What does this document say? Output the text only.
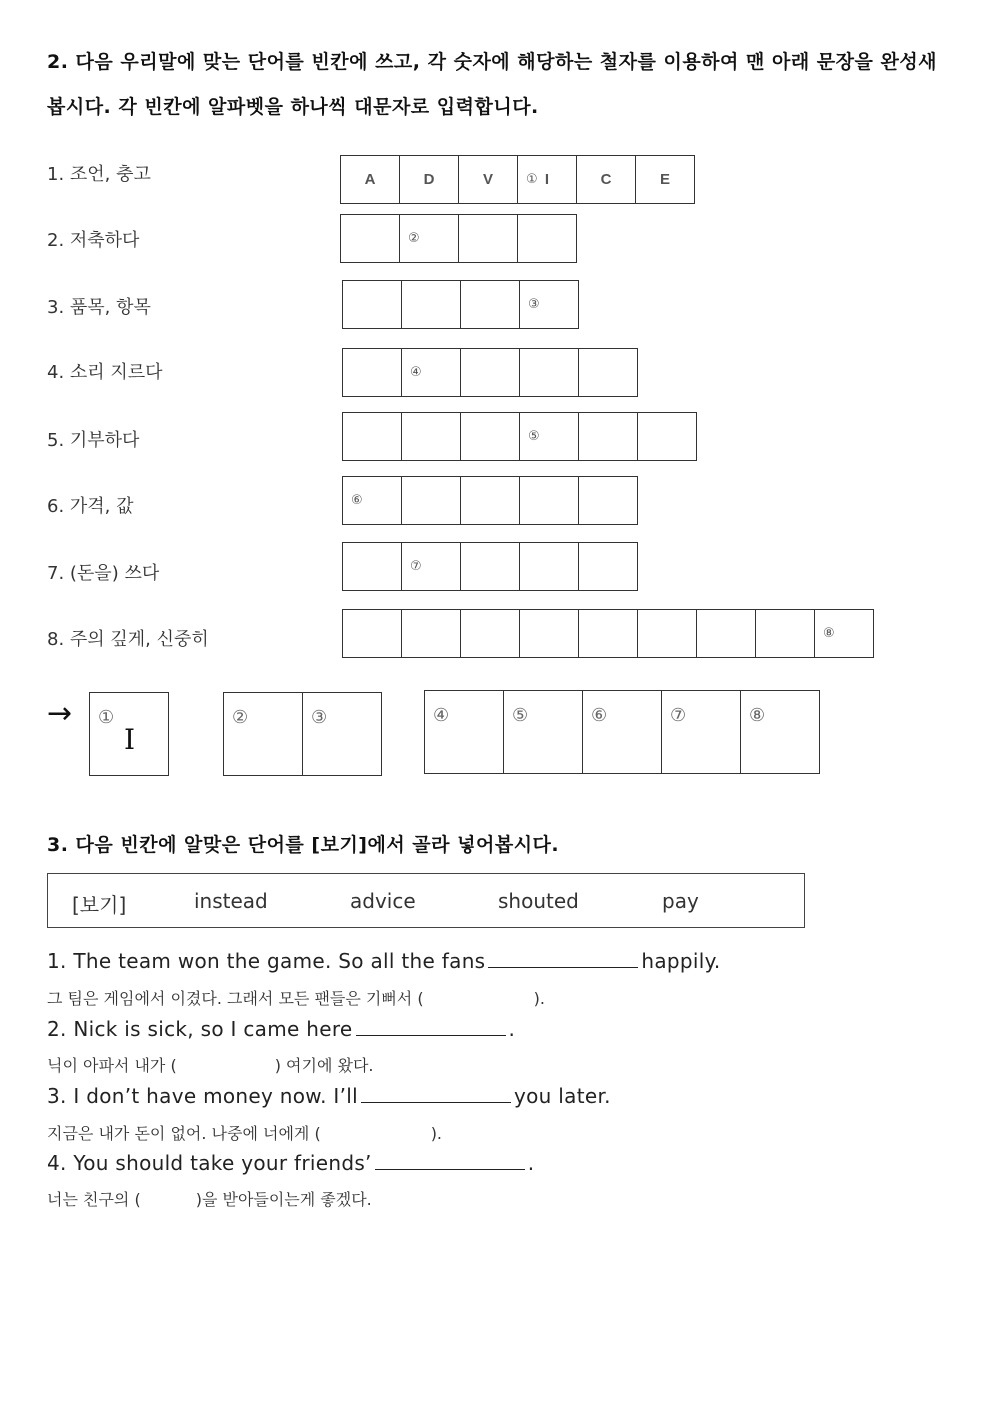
2. 다음 우리말에 맞는 단어를 빈칸에 쓰고, 각 숫자에 해당하는 철자를 이용하여 맨 아래 문장을 완성새
봅시다. 각 빈칸에 알파벳을 하나씩 대문자로 입력합니다.
1. 조언, 충고	A	D	V	① I	C	E
2. 저축하다	②
3. 품목, 항목	③
4. 소리 지르다	④
5. 기부하다	⑤
6. 가격, 값	⑥
7. (돈을) 쓰다	⑦
8. 주의 깊게, 신중히	⑧
→ ①
I
②	③	④	⑤	⑥	⑦	⑧
3. 다음 빈칸에 알맞은 단어를 [보기]에서 골라 넣어봅시다.
[보기]	instead	advice	shouted	pay
1. The team won the game. So all the fans	happily.
그 팀은 게임에서 이겼다. 그래서 모든 팬들은 기뻐서 (	).
2. Nick is sick, so I came here	.
닉이 아파서 내가 (	) 여기에 왔다.
3. I don’t have money now. I’ll	you later.
지금은 내가 돈이 없어. 나중에 너에게 (	).
4. You should take your friends’	.
너는 친구의 (	)을 받아들이는게 좋겠다.
